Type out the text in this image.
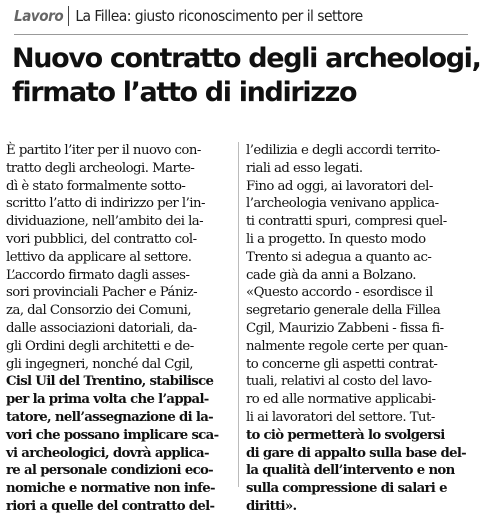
Lavoro La Fillea: giusto riconoscimento per il settore
Nuovo contratto degli archeologi,
firmato l’atto di indirizzo
È partito l’iter per il nuovo con-
tratto degli archeologi. Marte-
dì è stato formalmente sotto-
scritto l’atto di indirizzo per l’in-
dividuazione, nell’ambito dei la-
vori pubblici, del contratto col-
lettivo da applicare al settore.
L’accordo firmato dagli asses-
sori provinciali Pacher e Pániz-
za, dal Consorzio dei Comuni,
dalle associazioni datoriali, da-
gli Ordini degli architetti e de-
gli ingegneri, nonché dal Cgil,
Cisl Uil del Trentino, stabilisce
per la prima volta che l’appal-
tatore, nell’assegnazione di la-
vori che possano implicare sca-
vi archeologici, dovrà applica-
re al personale condizioni eco-
nomiche e normative non infe-
riori a quelle del contratto del-
l’edilizia e degli accordi territo-
riali ad esso legati.
Fino ad oggi, ai lavoratori del-
l’archeologia venivano applica-
ti contratti spuri, compresi quel-
li a progetto. In questo modo
Trento si adegua a quanto ac-
cade già da anni a Bolzano.
«Questo accordo - esordisce il
segretario generale della Fillea
Cgil, Maurizio Zabbeni - fissa fi-
nalmente regole certe per quan-
to concerne gli aspetti contrat-
tuali, relativi al costo del lavo-
ro ed alle normative applicabi-
li ai lavoratori del settore. Tut-
to ciò permetterà lo svolgersi
di gare di appalto sulla base del-
la qualità dell’intervento e non
sulla compressione di salari e
diritti».
